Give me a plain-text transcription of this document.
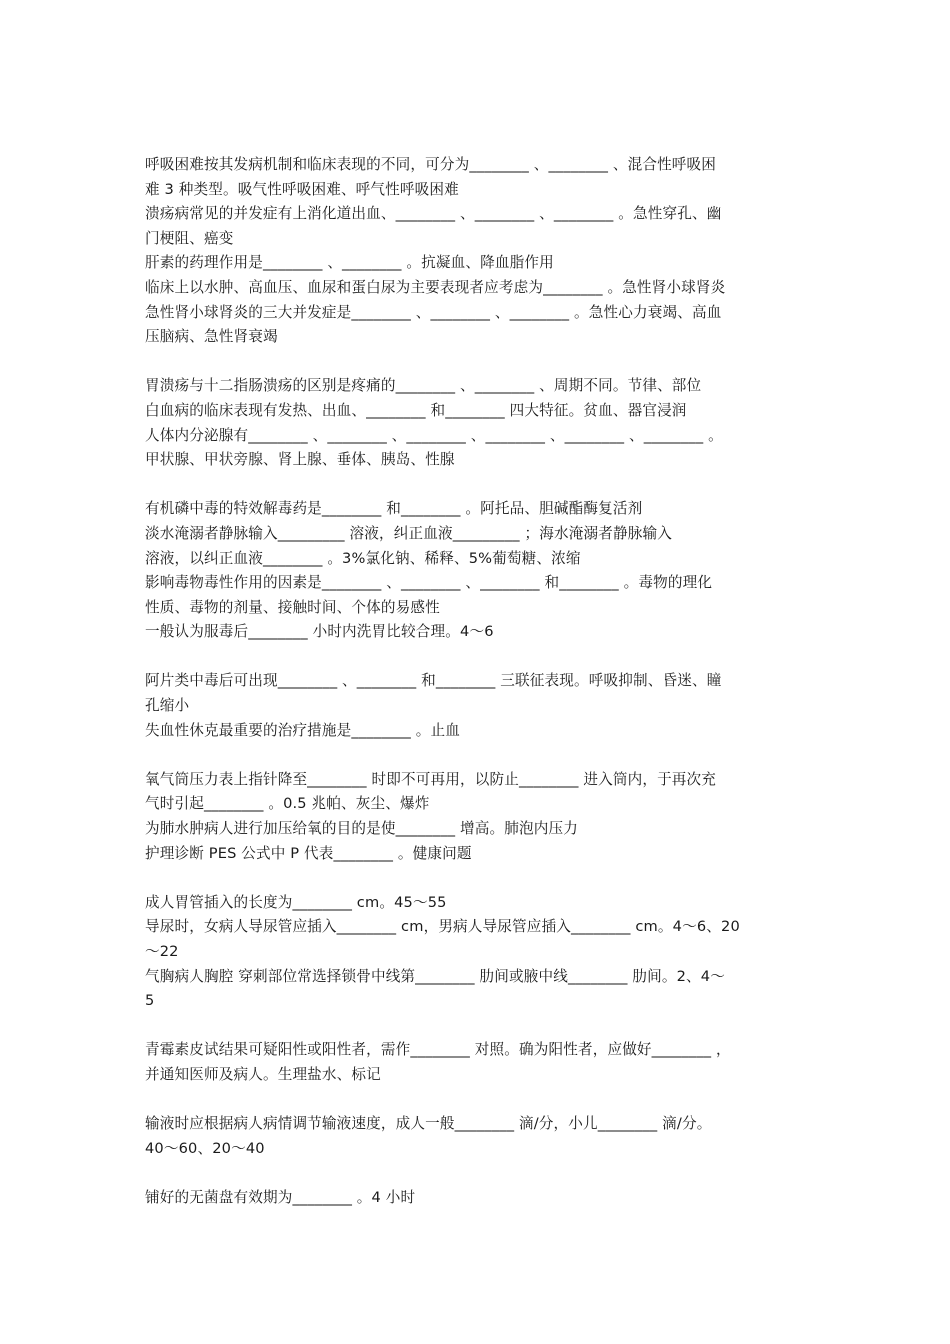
呼吸困难按其发病机制和临床表现的不同，可分为________ 、________ 、混合性呼吸困
难 3 种类型。吸气性呼吸困难、呼气性呼吸困难
溃疡病常见的并发症有上消化道出血、________ 、________ 、________ 。急性穿孔、幽
门梗阻、癌变
肝素的药理作用是________ 、________ 。抗凝血、降血脂作用
临床上以水肿、高血压、血尿和蛋白尿为主要表现者应考虑为________ 。急性肾小球肾炎
急性肾小球肾炎的三大并发症是________ 、________ 、________ 。急性心力衰竭、高血
压脑病、急性肾衰竭
胃溃疡与十二指肠溃疡的区别是疼痛的________ 、________ 、周期不同。节律、部位
白血病的临床表现有发热、出血、________ 和________ 四大特征。贫血、器官浸润
人体内分泌腺有________ 、________ 、________ 、________ 、________ 、________ 。
甲状腺、甲状旁腺、肾上腺、垂体、胰岛、性腺
有机磷中毒的特效解毒药是________ 和________ 。阿托品、胆碱酯酶复活剂
淡水淹溺者静脉输入_________ 溶液，纠正血液_________ ；海水淹溺者静脉输入
溶液，以纠正血液________ 。3%氯化钠、稀释、5%葡萄糖、浓缩
影响毒物毒性作用的因素是________ 、________ 、________ 和________ 。毒物的理化
性质、毒物的剂量、接触时间、个体的易感性
一般认为服毒后________ 小时内洗胃比较合理。4～6
阿片类中毒后可出现________ 、________ 和________ 三联征表现。呼吸抑制、昏迷、瞳
孔缩小
失血性休克最重要的治疗措施是________ 。止血
氧气筒压力表上指针降至________ 时即不可再用，以防止________ 进入筒内，于再次充
气时引起________ 。0.5 兆帕、灰尘、爆炸
为肺水肿病人进行加压给氧的目的是使________ 增高。肺泡内压力
护理诊断 PES 公式中 P 代表________ 。健康问题
成人胃管插入的长度为________ cm。45～55
导尿时，女病人导尿管应插入________ cm，男病人导尿管应插入________ cm。4～6、20
～22
气胸病人胸腔 穿刺部位常选择锁骨中线第________ 肋间或腋中线________ 肋间。2、4～
5
青霉素皮试结果可疑阳性或阳性者，需作________ 对照。确为阳性者，应做好________ ，
并通知医师及病人。生理盐水、标记
输液时应根据病人病情调节输液速度，成人一般________ 滴/分，小儿________ 滴/分。
40～60、20～40
铺好的无菌盘有效期为________ 。4 小时
